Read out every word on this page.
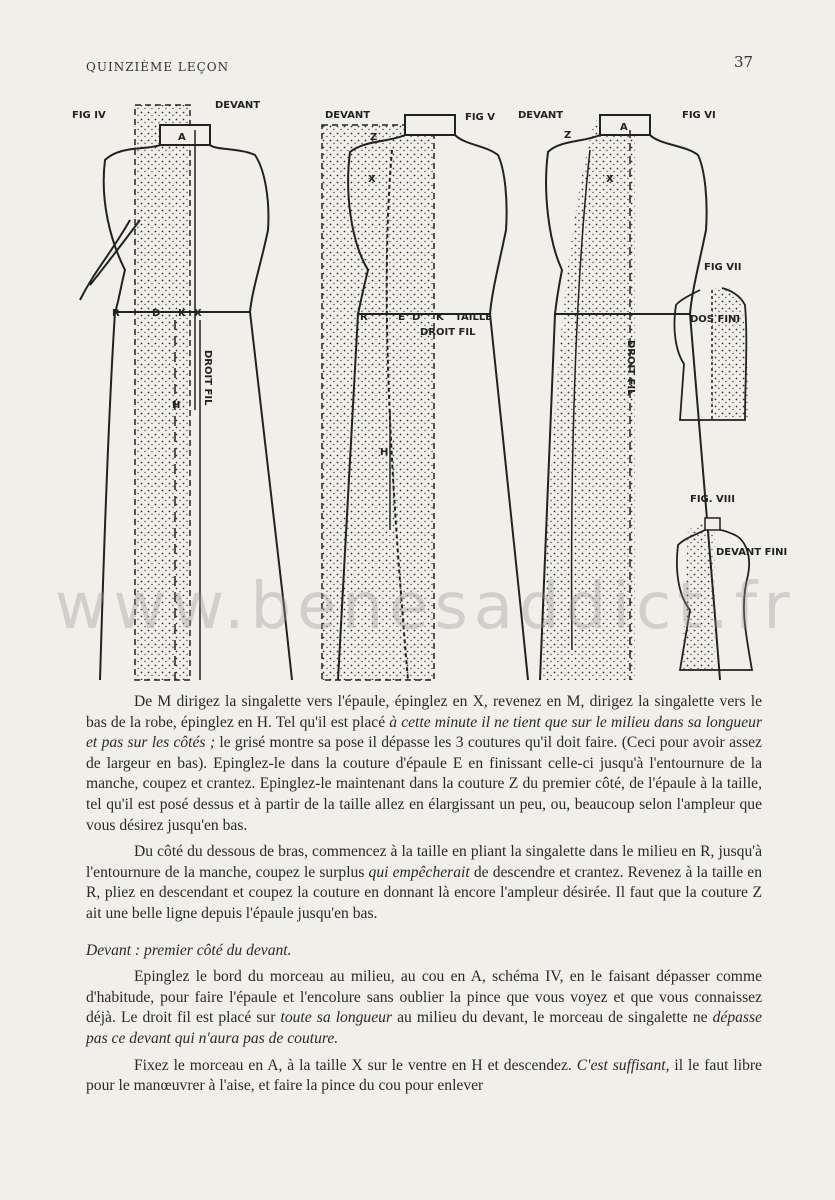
QUINZIÈME LEÇON	37
FIG IV
DEVANT
A
R	D K X
H
DROIT FIL
DEVANT	FIG V
Z
X
R	E D K TAILLE
DROIT FIL
H
DEVANT	FIG VI
A
Z
X
DROIT FIL
FIG VII
DOS FINI
FIG. VIII
DEVANT FINI
www.benesaddict.fr

De M dirigez la singalette vers l'épaule, épinglez en X, revenez en M, dirigez la singalette vers le bas de la robe, épinglez en H. Tel qu'il est placé à cette minute il ne tient que sur le milieu dans sa longueur et pas sur les côtés ; le grisé montre sa pose il dépasse les 3 coutures qu'il doit faire. (Ceci pour avoir assez de largeur en bas). Epinglez-le dans la couture d'épaule E en finissant celle-ci jusqu'à l'entournure de la manche, coupez et crantez. Epinglez-le maintenant dans la couture Z du premier côté, de l'épaule à la taille, tel qu'il est posé dessus et à partir de la taille allez en élargissant un peu, ou, beaucoup selon l'ampleur que vous désirez jusqu'en bas.

Du côté du dessous de bras, commencez à la taille en pliant la singalette dans le milieu en R, jusqu'à l'entournure de la manche, coupez le surplus qui empêcherait de descendre et crantez. Revenez à la taille en R, pliez en descendant et coupez la couture en donnant là encore l'ampleur désirée. Il faut que la couture Z ait une belle ligne depuis l'épaule jusqu'en bas.

Devant : premier côté du devant.

Epinglez le bord du morceau au milieu, au cou en A, schéma IV, en le faisant dépasser comme d'habitude, pour faire l'épaule et l'encolure sans oublier la pince que vous voyez et que vous connaissez déjà. Le droit fil est placé sur toute sa longueur au milieu du devant, le morceau de singalette ne dépasse pas ce devant qui n'aura pas de couture.

Fixez le morceau en A, à la taille X sur le ventre en H et descendez. C'est suffisant, il le faut libre pour le manœuvrer à l'aise, et faire la pince du cou pour enlever
